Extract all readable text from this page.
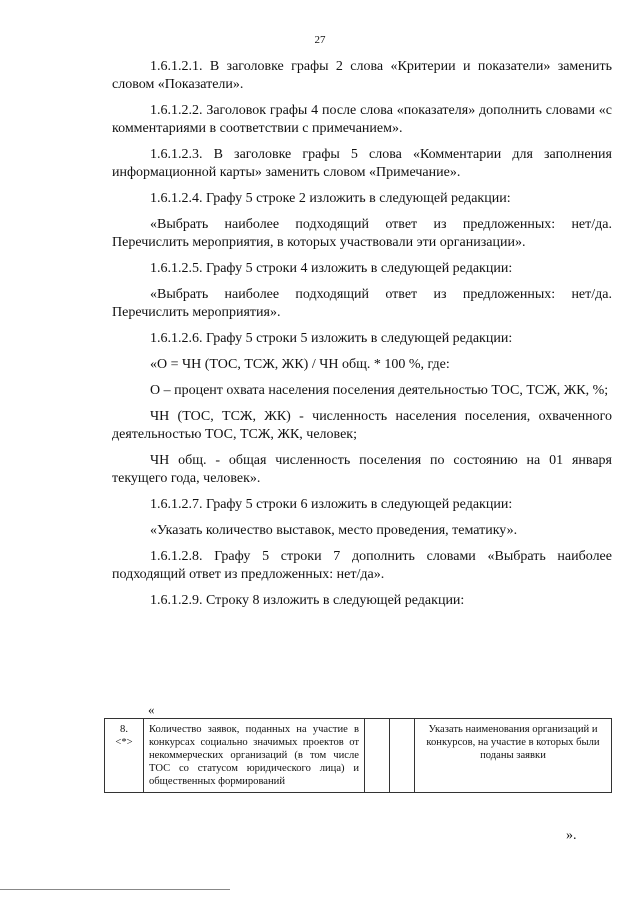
27

1.6.1.2.1. В заголовке графы 2 слова «Критерии и показатели» заменить словом «Показатели».

1.6.1.2.2. Заголовок графы 4 после слова «показателя» дополнить словами «с комментариями в соответствии с примечанием».

1.6.1.2.3. В заголовке графы 5 слова «Комментарии для заполнения информационной карты» заменить словом «Примечание».

1.6.1.2.4. Графу 5 строке 2 изложить в следующей редакции:

«Выбрать наиболее подходящий ответ из предложенных: нет/да. Перечислить мероприятия, в которых участвовали эти организации».

1.6.1.2.5. Графу 5 строки 4 изложить в следующей редакции:

«Выбрать наиболее подходящий ответ из предложенных: нет/да. Перечислить мероприятия».

1.6.1.2.6. Графу 5 строки 5 изложить в следующей редакции:

«О = ЧН (ТОС, ТСЖ, ЖК) / ЧН общ. * 100 %, где:

О – процент охвата населения поселения деятельностью ТОС, ТСЖ, ЖК, %;

ЧН (ТОС, ТСЖ, ЖК) - численность населения поселения, охваченного деятельностью ТОС, ТСЖ, ЖК, человек;

ЧН общ. - общая численность поселения по состоянию на 01 января текущего года, человек».

1.6.1.2.7. Графу 5 строки 6 изложить в следующей редакции:

«Указать количество выставок, место проведения, тематику».

1.6.1.2.8. Графу 5 строки 7 дополнить словами «Выбрать наиболее подходящий ответ из предложенных: нет/да».

1.6.1.2.9. Строку 8 изложить в следующей редакции:

«
8.
<*>
	Количество заявок, поданных на участие в конкурсах социально значимых проектов от некоммерческих организаций (в том числе ТОС со статусом юридического лица) и общественных формирований			Указать наименования организаций и конкурсов, на участие в которых были поданы заявки
».
